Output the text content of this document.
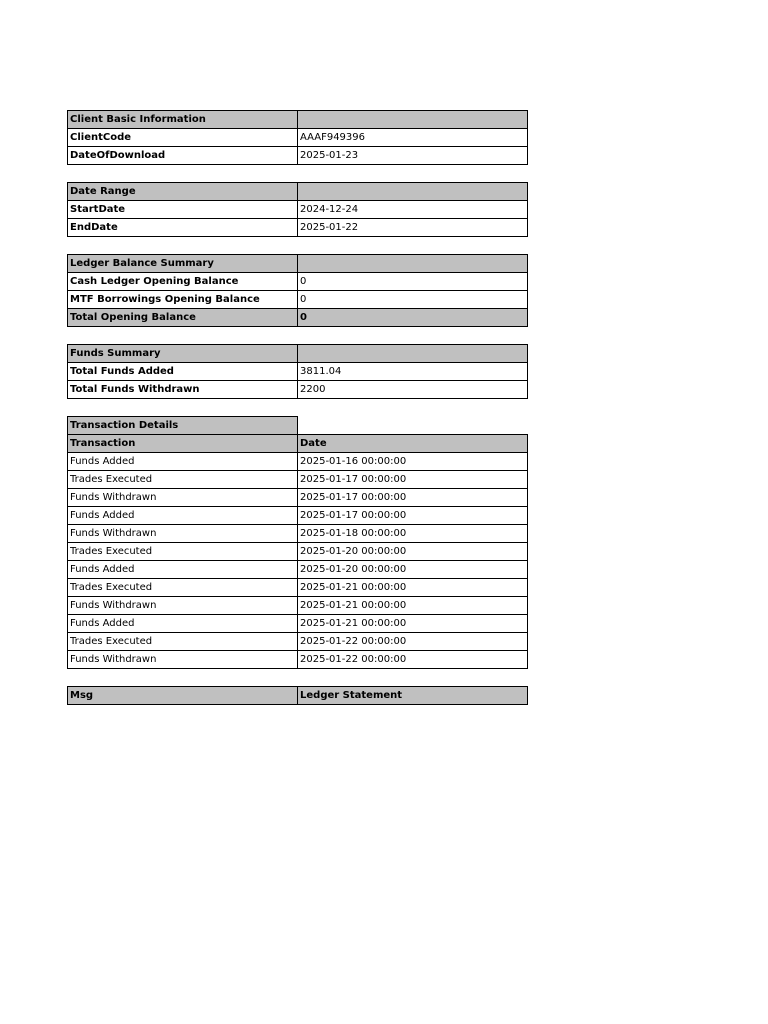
Client Basic Information	
ClientCode	AAAF949396
DateOfDownload	2025-01-23

Date Range	
StartDate	2024-12-24
EndDate	2025-01-22

Ledger Balance Summary	
Cash Ledger Opening Balance	0
MTF Borrowings Opening Balance	0
Total Opening Balance	0

Funds Summary	
Total Funds Added	3811.04
Total Funds Withdrawn	2200

Transaction Details	
Transaction	Date
Funds Added	2025-01-16 00:00:00
Trades Executed	2025-01-17 00:00:00
Funds Withdrawn	2025-01-17 00:00:00
Funds Added	2025-01-17 00:00:00
Funds Withdrawn	2025-01-18 00:00:00
Trades Executed	2025-01-20 00:00:00
Funds Added	2025-01-20 00:00:00
Trades Executed	2025-01-21 00:00:00
Funds Withdrawn	2025-01-21 00:00:00
Funds Added	2025-01-21 00:00:00
Trades Executed	2025-01-22 00:00:00
Funds Withdrawn	2025-01-22 00:00:00
Msg	Ledger Statement
